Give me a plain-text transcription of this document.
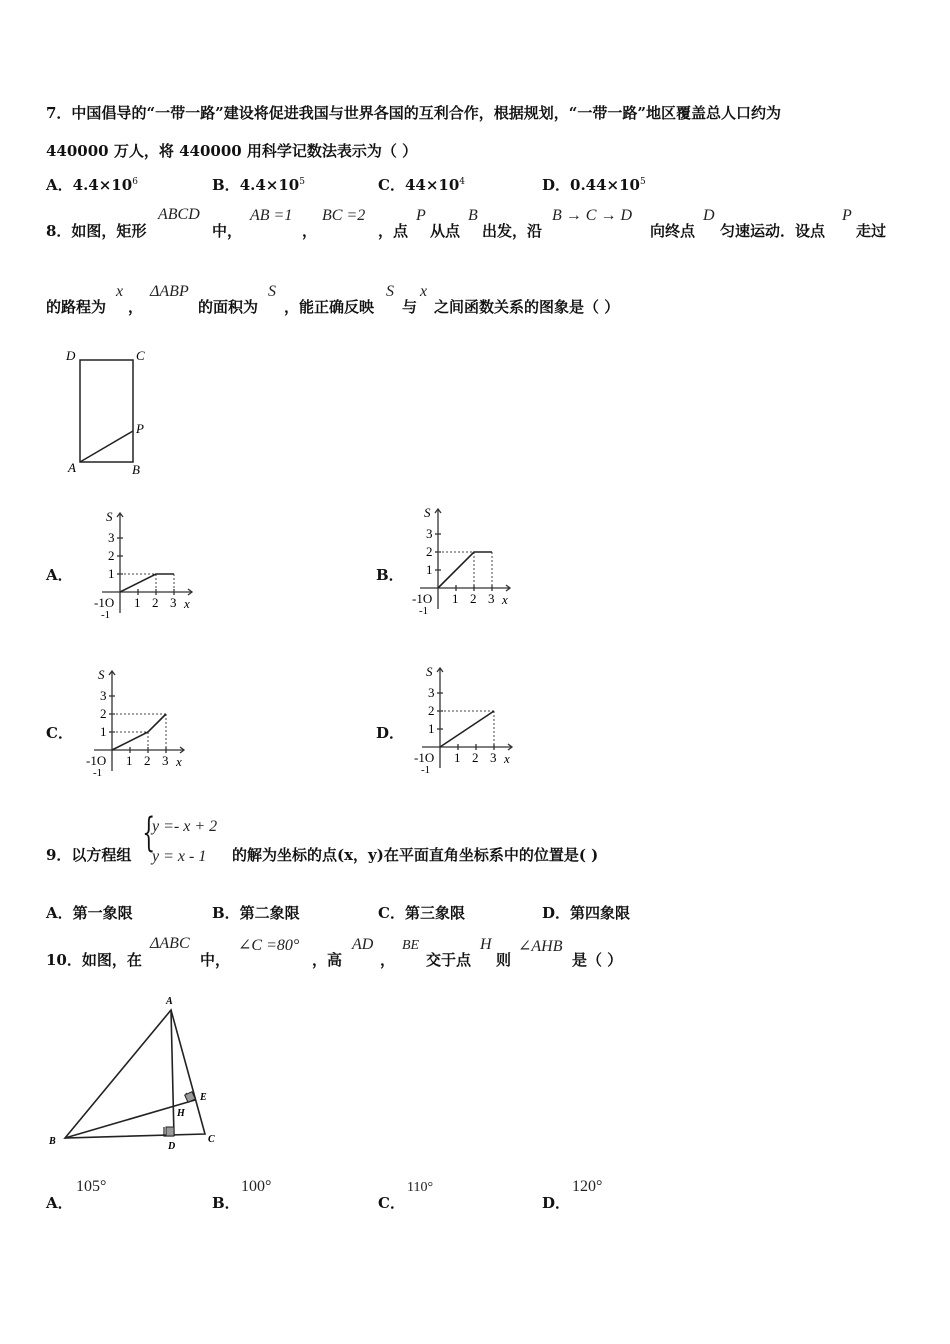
7．中国倡导的“一带一路”建设将促进我国与世界各国的互利合作，根据规划，“一带一路”地区覆盖总人口约为
440000 万人，将 440000 用科学记数法表示为（ ）
A．$4.4\times 10^6$	B．$4.4\times 10^5$	C．$44\times 10^4$	D．$0.44\times 10^5$
8．如图，矩形
ABCD
中，
AB =1
，
BC =2
，点
P
从点
B
出发，沿
B → C → D
向终点
D
匀速运动．设点
P
走过
的路程为
x
，
ΔABP
的面积为
S
，能正确反映
S
与
x
之间函数关系的图象是（ ）
D	C
P
A	B
A．	B．
C．	D．
S
x
3
2
1
-1O
-1
1 2 3
S
x
3
2
1
-1O
-1
1 2 3
S
x
3
2
1
-1O
-1
1 2 3
S
x
3
2
1
-1O
-1
1 2 3
9．以方程组 {
y =- x + 2
y = x - 1 的解为坐标的点(x，y)在平面直角坐标系中的位置是( )
A．第一象限	B．第二象限	C．第三象限	D．第四象限
10．如图，在
ΔABC
中，
∠C =80°
，高
AD
，
BE
交于点
H
则
∠AHB
是（ ）
A
B	C
D
E
H
A．
105°
B．
100°
C．
110°
D．
120°
